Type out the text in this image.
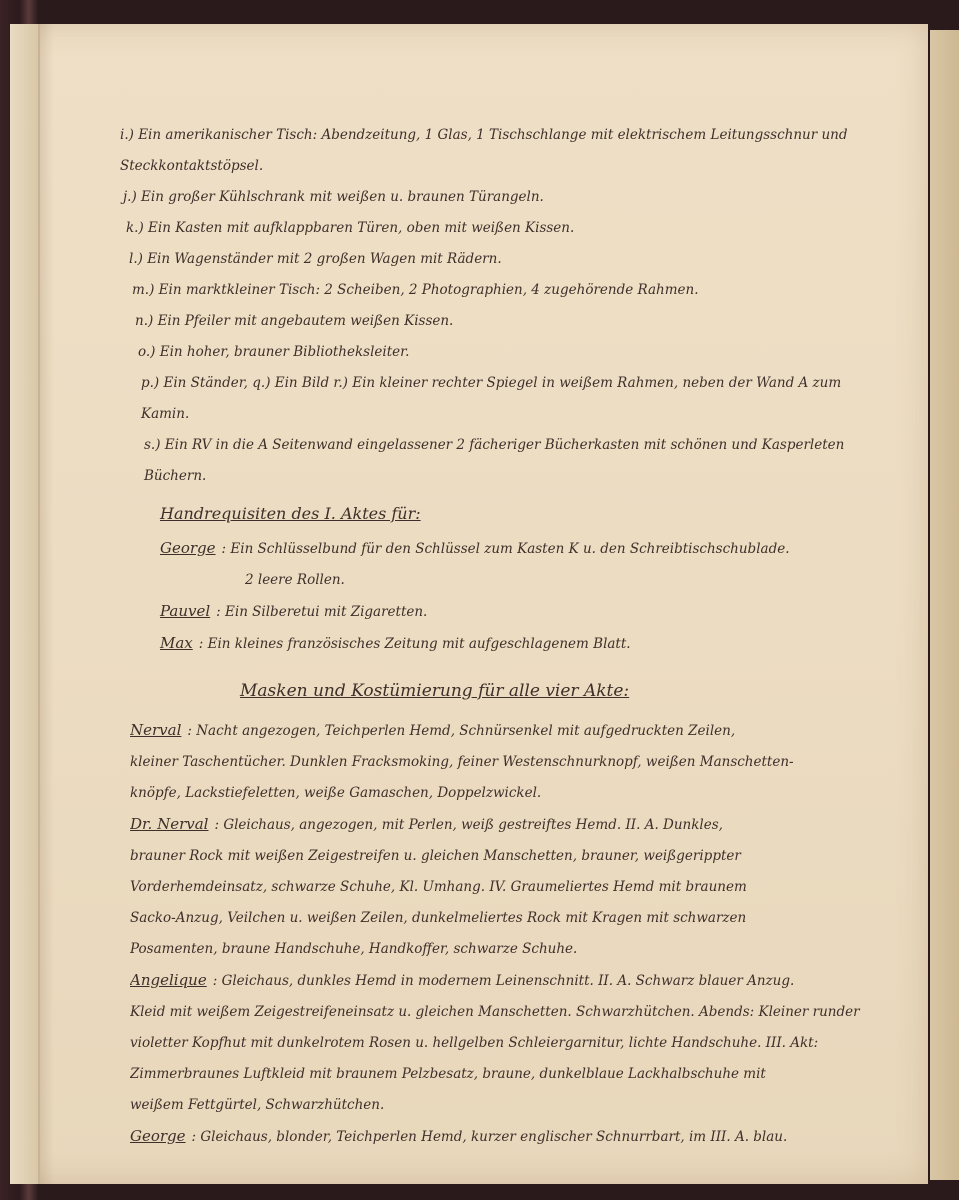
i.) Ein amerikanischer Tisch: Abendzeitung, 1 Glas, 1 Tischschlange mit elektrischem Leitungsschnur und Steckkontaktstöpsel.
j.) Ein großer Kühlschrank mit weißen u. braunen Türangeln.
k.) Ein Kasten mit aufklappbaren Türen, oben mit weißen Kissen.
l.) Ein Wagenständer mit 2 großen Wagen mit Rädern.
m.) Ein marktkleiner Tisch: 2 Scheiben, 2 Photographien, 4 zugehörende Rahmen.
n.) Ein Pfeiler mit angebautem weißen Kissen.
o.) Ein hoher, brauner Bibliotheksleiter.
p.) Ein Ständer, q.) Ein Bild r.) Ein kleiner rechter Spiegel in weißem Rahmen, neben der Wand A zum Kamin.
s.) Ein RV in die A Seitenwand eingelassener 2 fächeriger Bücherkasten mit schönen und Kasperleten Büchern.
Handrequisiten des I. Aktes für:
George : Ein Schlüsselbund für den Schlüssel zum Kasten K u. den Schreibtischschublade.
2 leere Rollen.
Pauvel : Ein Silberetui mit Zigaretten.
Max : Ein kleines französisches Zeitung mit aufgeschlagenem Blatt.
Masken und Kostümierung für alle vier Akte:
Nerval : Nacht angezogen, Teichperlen Hemd, Schnürsenkel mit aufgedruckten Zeilen,
kleiner Taschentücher. Dunklen Fracksmoking, feiner Westenschnurknopf, weißen Manschetten-
knöpfe, Lackstiefeletten, weiße Gamaschen, Doppelzwickel.
Dr. Nerval : Gleichaus, angezogen, mit Perlen, weiß gestreiftes Hemd. II. A. Dunkles,
brauner Rock mit weißen Zeigestreifen u. gleichen Manschetten, brauner, weißgerippter
Vorderhemdeinsatz, schwarze Schuhe, Kl. Umhang. IV. Graumeliertes Hemd mit braunem
Sacko-Anzug, Veilchen u. weißen Zeilen, dunkelmeliertes Rock mit Kragen mit schwarzen
Posamenten, braune Handschuhe, Handkoffer, schwarze Schuhe.
Angelique : Gleichaus, dunkles Hemd in modernem Leinenschnitt. II. A. Schwarz blauer Anzug.
Kleid mit weißem Zeigestreifeneinsatz u. gleichen Manschetten. Schwarzhütchen. Abends: Kleiner runder
violetter Kopfhut mit dunkelrotem Rosen u. hellgelben Schleiergarnitur, lichte Handschuhe. III. Akt:
Zimmerbraunes Luftkleid mit braunem Pelzbesatz, braune, dunkelblaue Lackhalbschuhe mit
weißem Fettgürtel, Schwarzhütchen.
George : Gleichaus, blonder, Teichperlen Hemd, kurzer englischer Schnurrbart, im III. A. blau.
